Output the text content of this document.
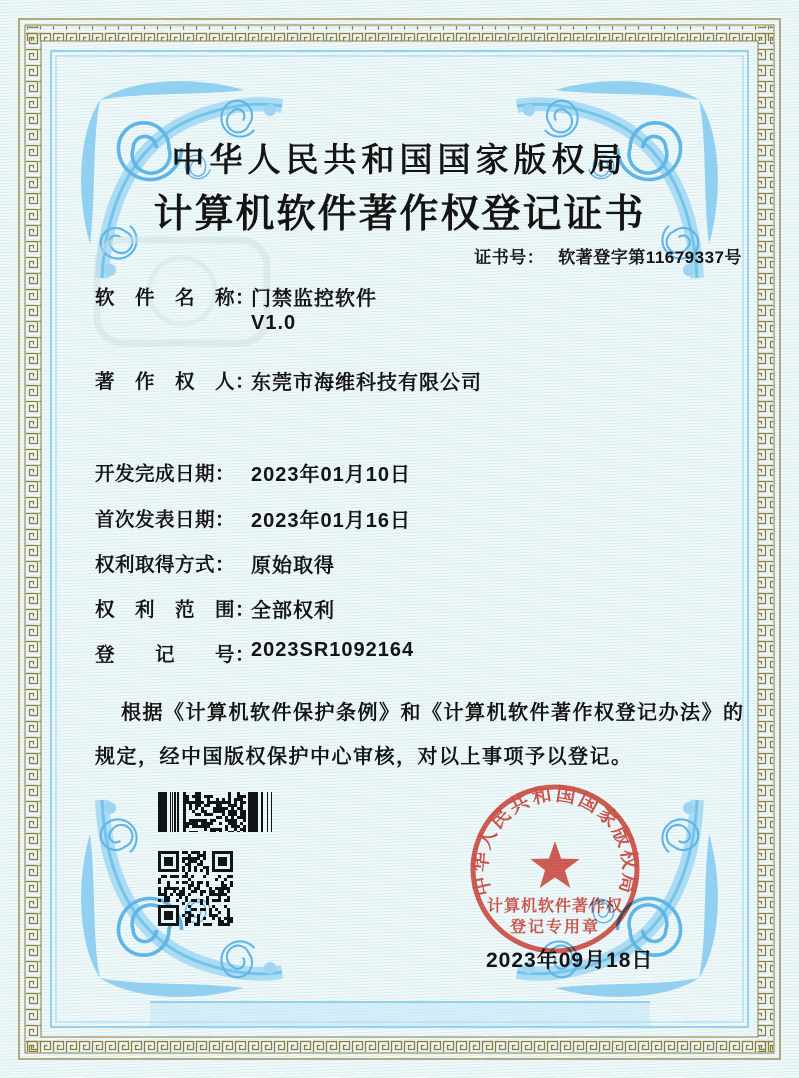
中华人民共和国国家版权局
计算机软件著作权登记证书
证书号： 软著登字第11679337号
软　件　名　称：
门禁监控软件
V1.0
著　作　权　人：
东莞市海维科技有限公司
开发完成日期： 2023年01月10日
首次发表日期： 2023年01月16日
权利取得方式： 原始取得
权　利　范　围：
全部权利
登　　记　　号：
2023SR1092164
根据《计算机软件保护条例》和《计算机软件著作权登记办法》的
规定，经中国版权保护中心审核，对以上事项予以登记。
中华人民共和国国家版权局
计算机软件著作权
登记专用章
2023年09月18日
